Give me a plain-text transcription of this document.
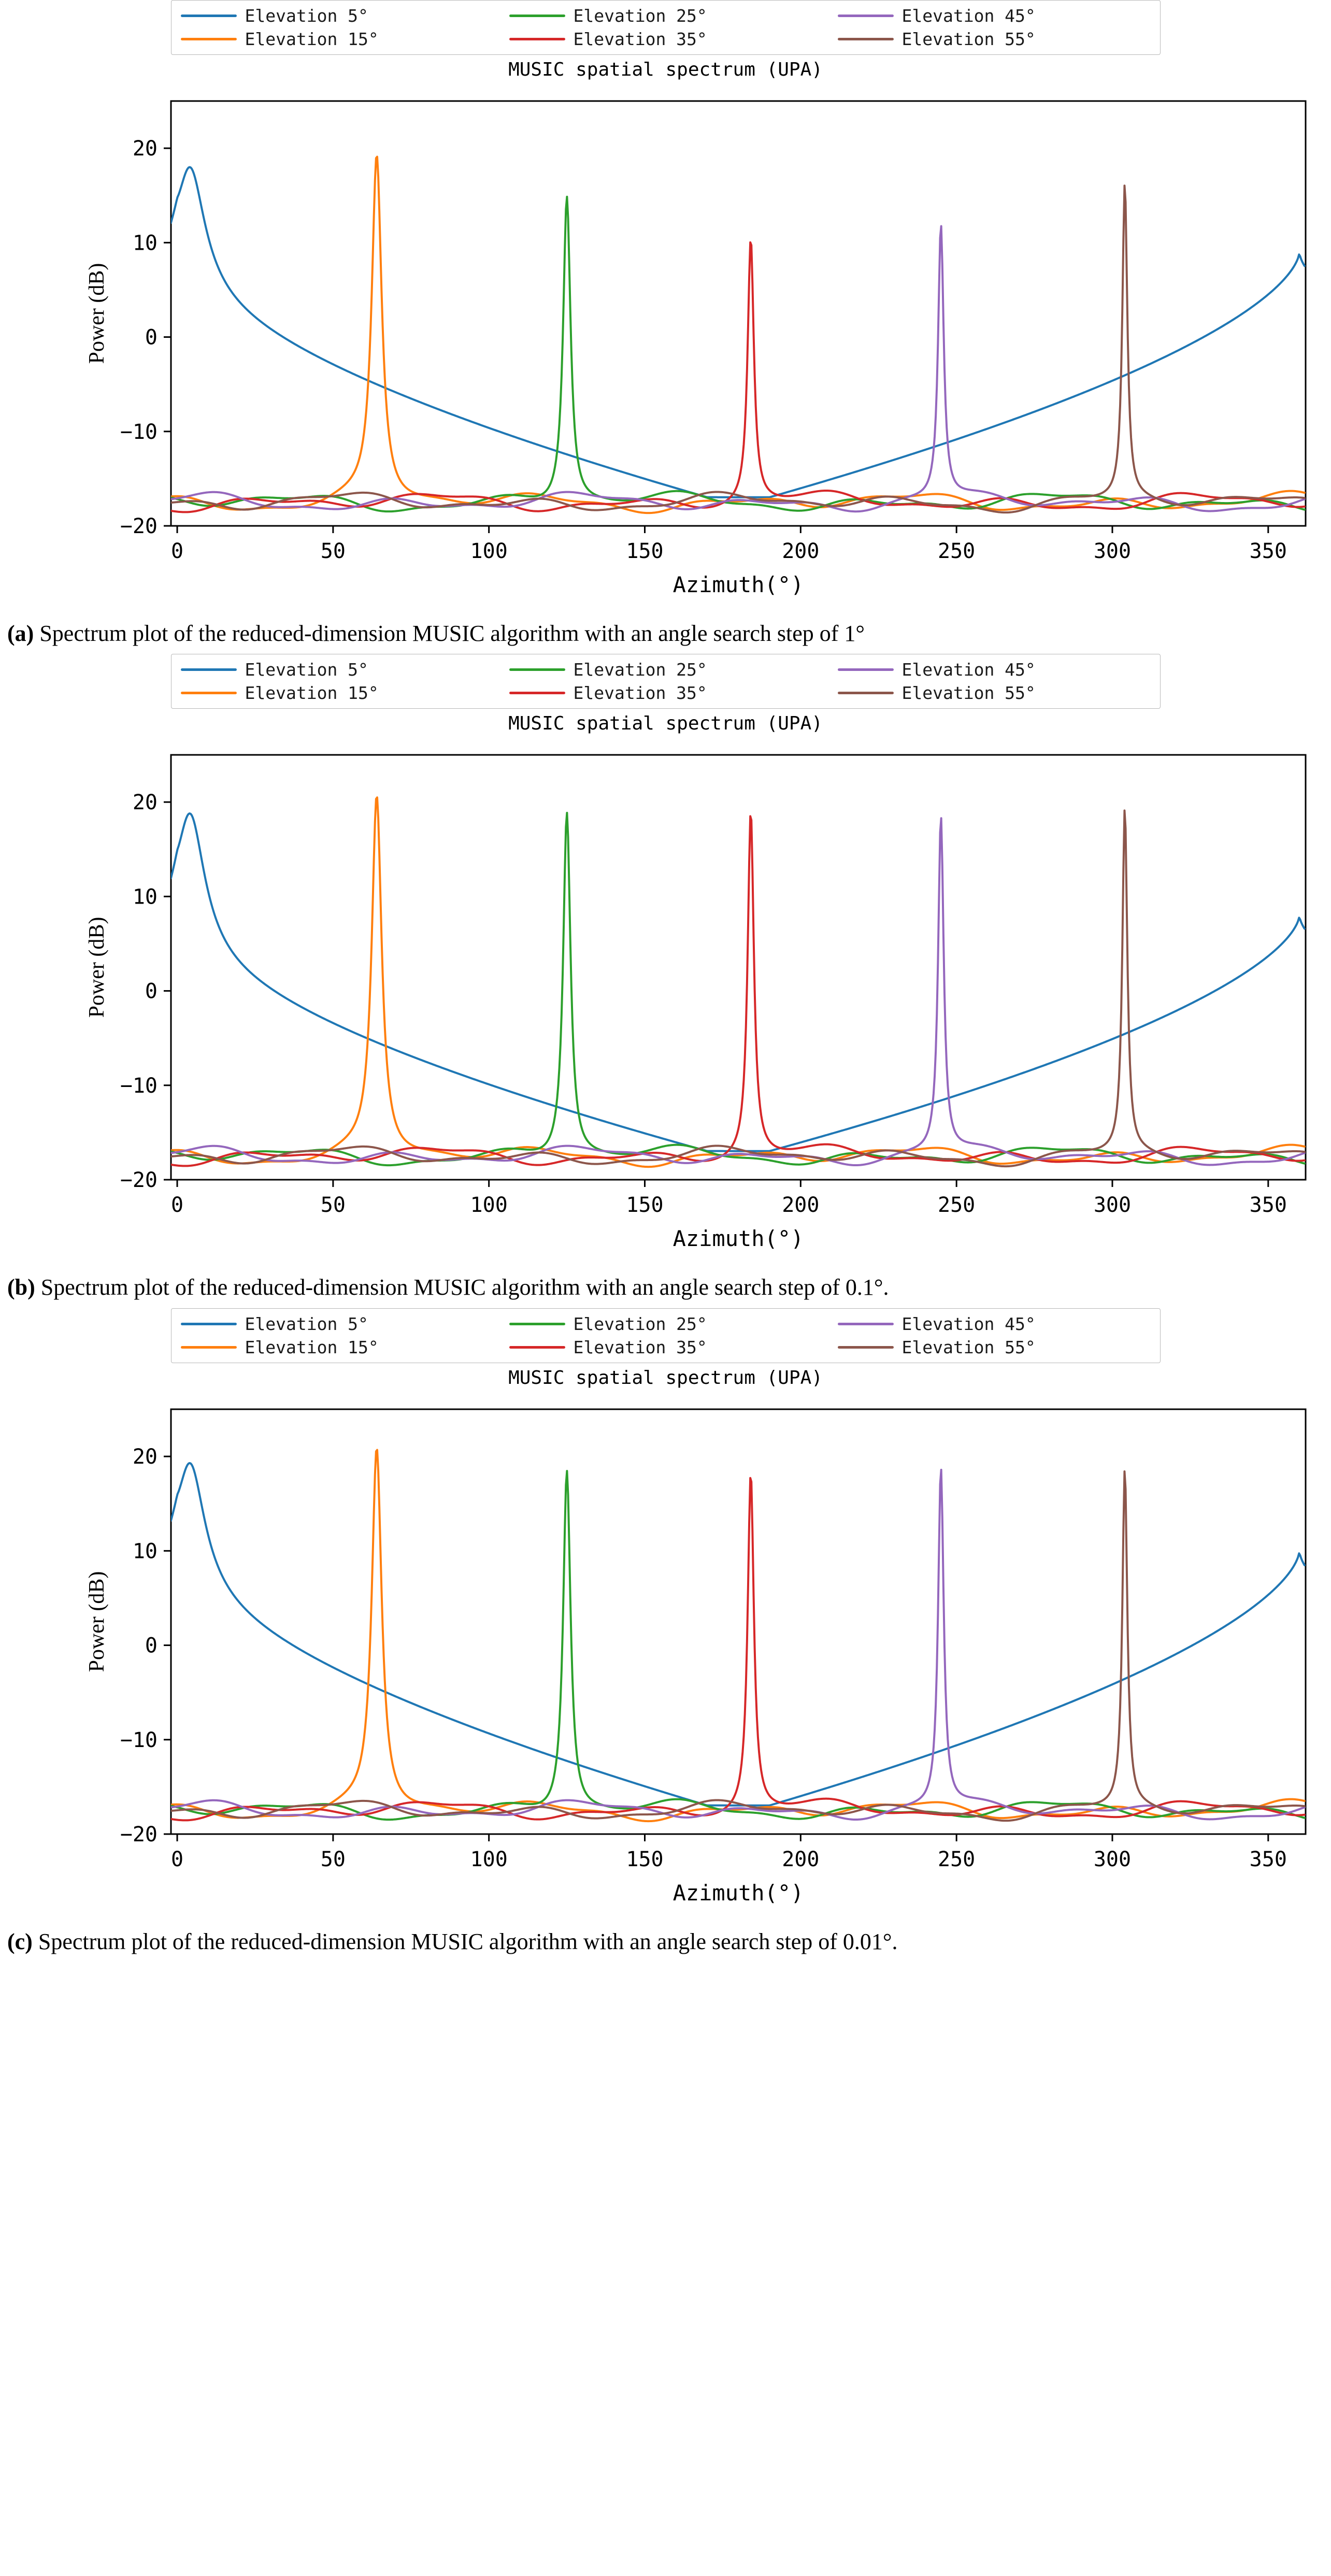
Elevation 5°	Elevation 25°	Elevation 45°
Elevation 15°	Elevation 35°	Elevation 55°
MUSIC spatial spectrum (UPA)
0	50	100	150	200	250	300	350
−20
−10
0
10
20
Azimuth(°)
Power (dB)
(a) Spectrum plot of the reduced-dimension MUSIC algorithm with an angle search step of 1°
Elevation 5°	Elevation 25°	Elevation 45°
Elevation 15°	Elevation 35°	Elevation 55°
MUSIC spatial spectrum (UPA)
0	50	100	150	200	250	300	350
−20
−10
0
10
20
Azimuth(°)
Power (dB)
(b) Spectrum plot of the reduced-dimension MUSIC algorithm with an angle search step of 0.1°.
Elevation 5°	Elevation 25°	Elevation 45°
Elevation 15°	Elevation 35°	Elevation 55°
MUSIC spatial spectrum (UPA)
0	50	100	150	200	250	300	350
−20
−10
0
10
20
Azimuth(°)
Power (dB)
(c) Spectrum plot of the reduced-dimension MUSIC algorithm with an angle search step of 0.01°.
